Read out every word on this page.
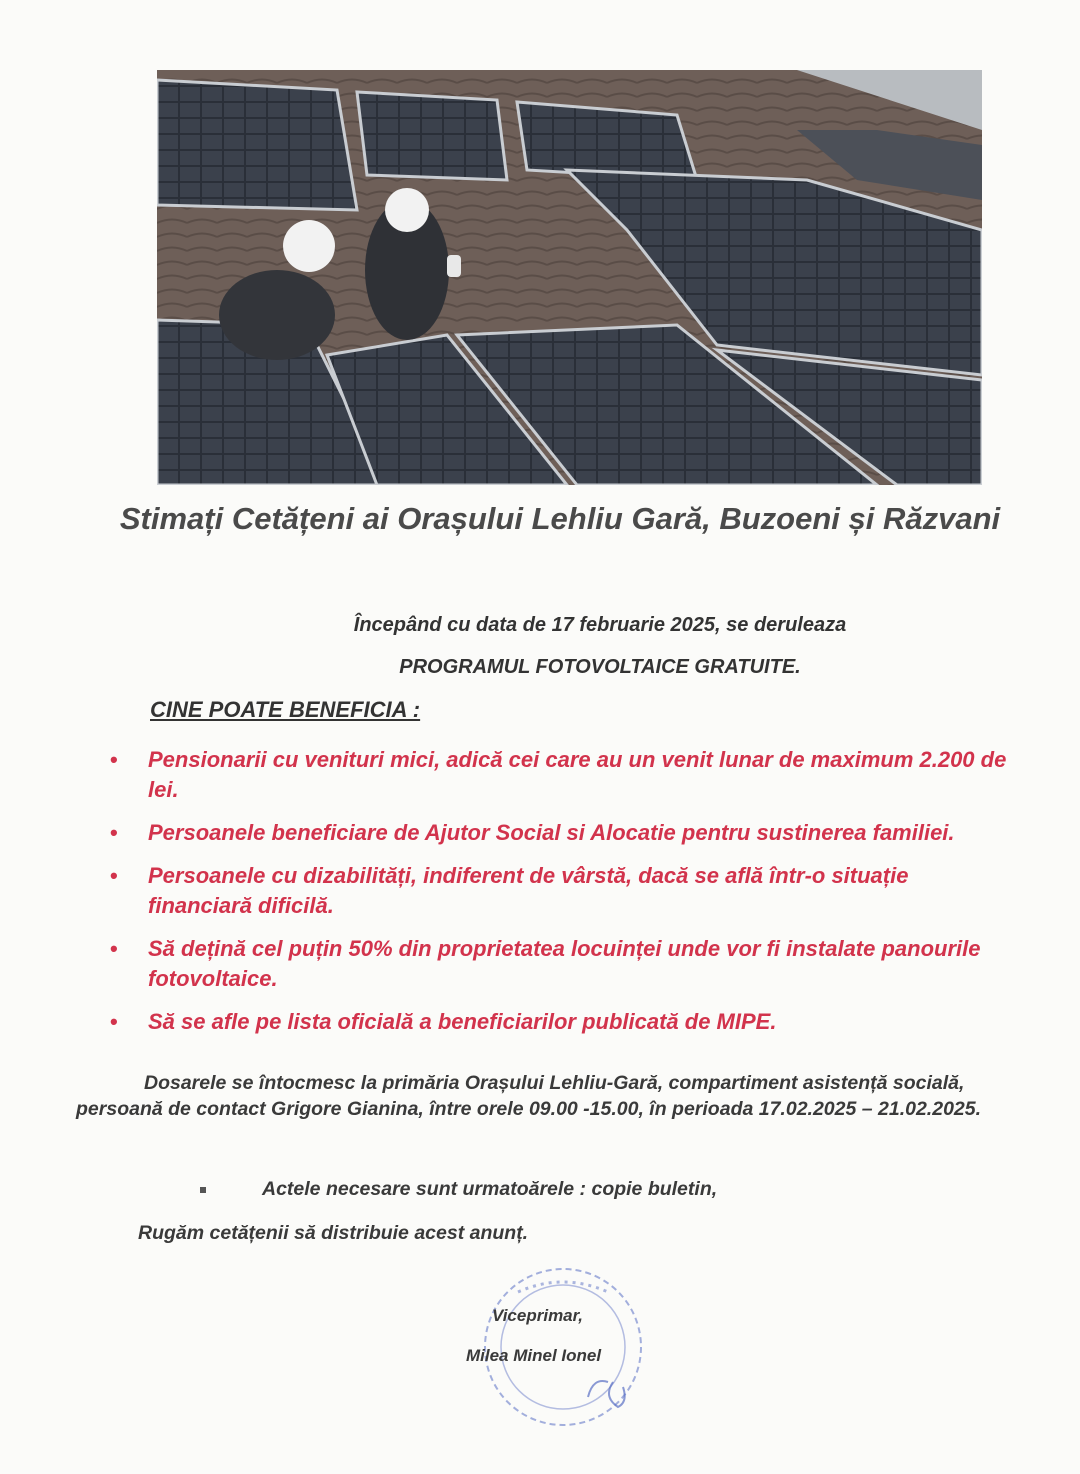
Stimați Cetățeni ai Orașului Lehliu Gară, Buzoeni și Răzvani

Începând cu data de 17 februarie 2025, se deruleaza

PROGRAMUL FOTOVOLTAICE GRATUITE.

CINE POATE BENEFICIA :

• Pensionarii cu venituri mici, adică cei care au un venit lunar de maximum 2.200 de lei.
• Persoanele beneficiare de Ajutor Social si Alocatie pentru sustinerea familiei.
• Persoanele cu dizabilități, indiferent de vârstă, dacă se află într-o situație financiară dificilă.
• Să dețină cel puțin 50% din proprietatea locuinței unde vor fi instalate panourile fotovoltaice.
• Să se afle pe lista oficială a beneficiarilor publicată de MIPE.

Dosarele se întocmesc la primăria Orașului Lehliu-Gară, compartiment asistență socială, persoană de contact Grigore Gianina, între orele 09.00 -15.00, în perioada 17.02.2025 – 21.02.2025.

Actele necesare sunt urmatoărele : copie buletin,

Rugăm cetățenii să distribuie acest anunț.

Viceprimar,

Milea Minel Ionel
